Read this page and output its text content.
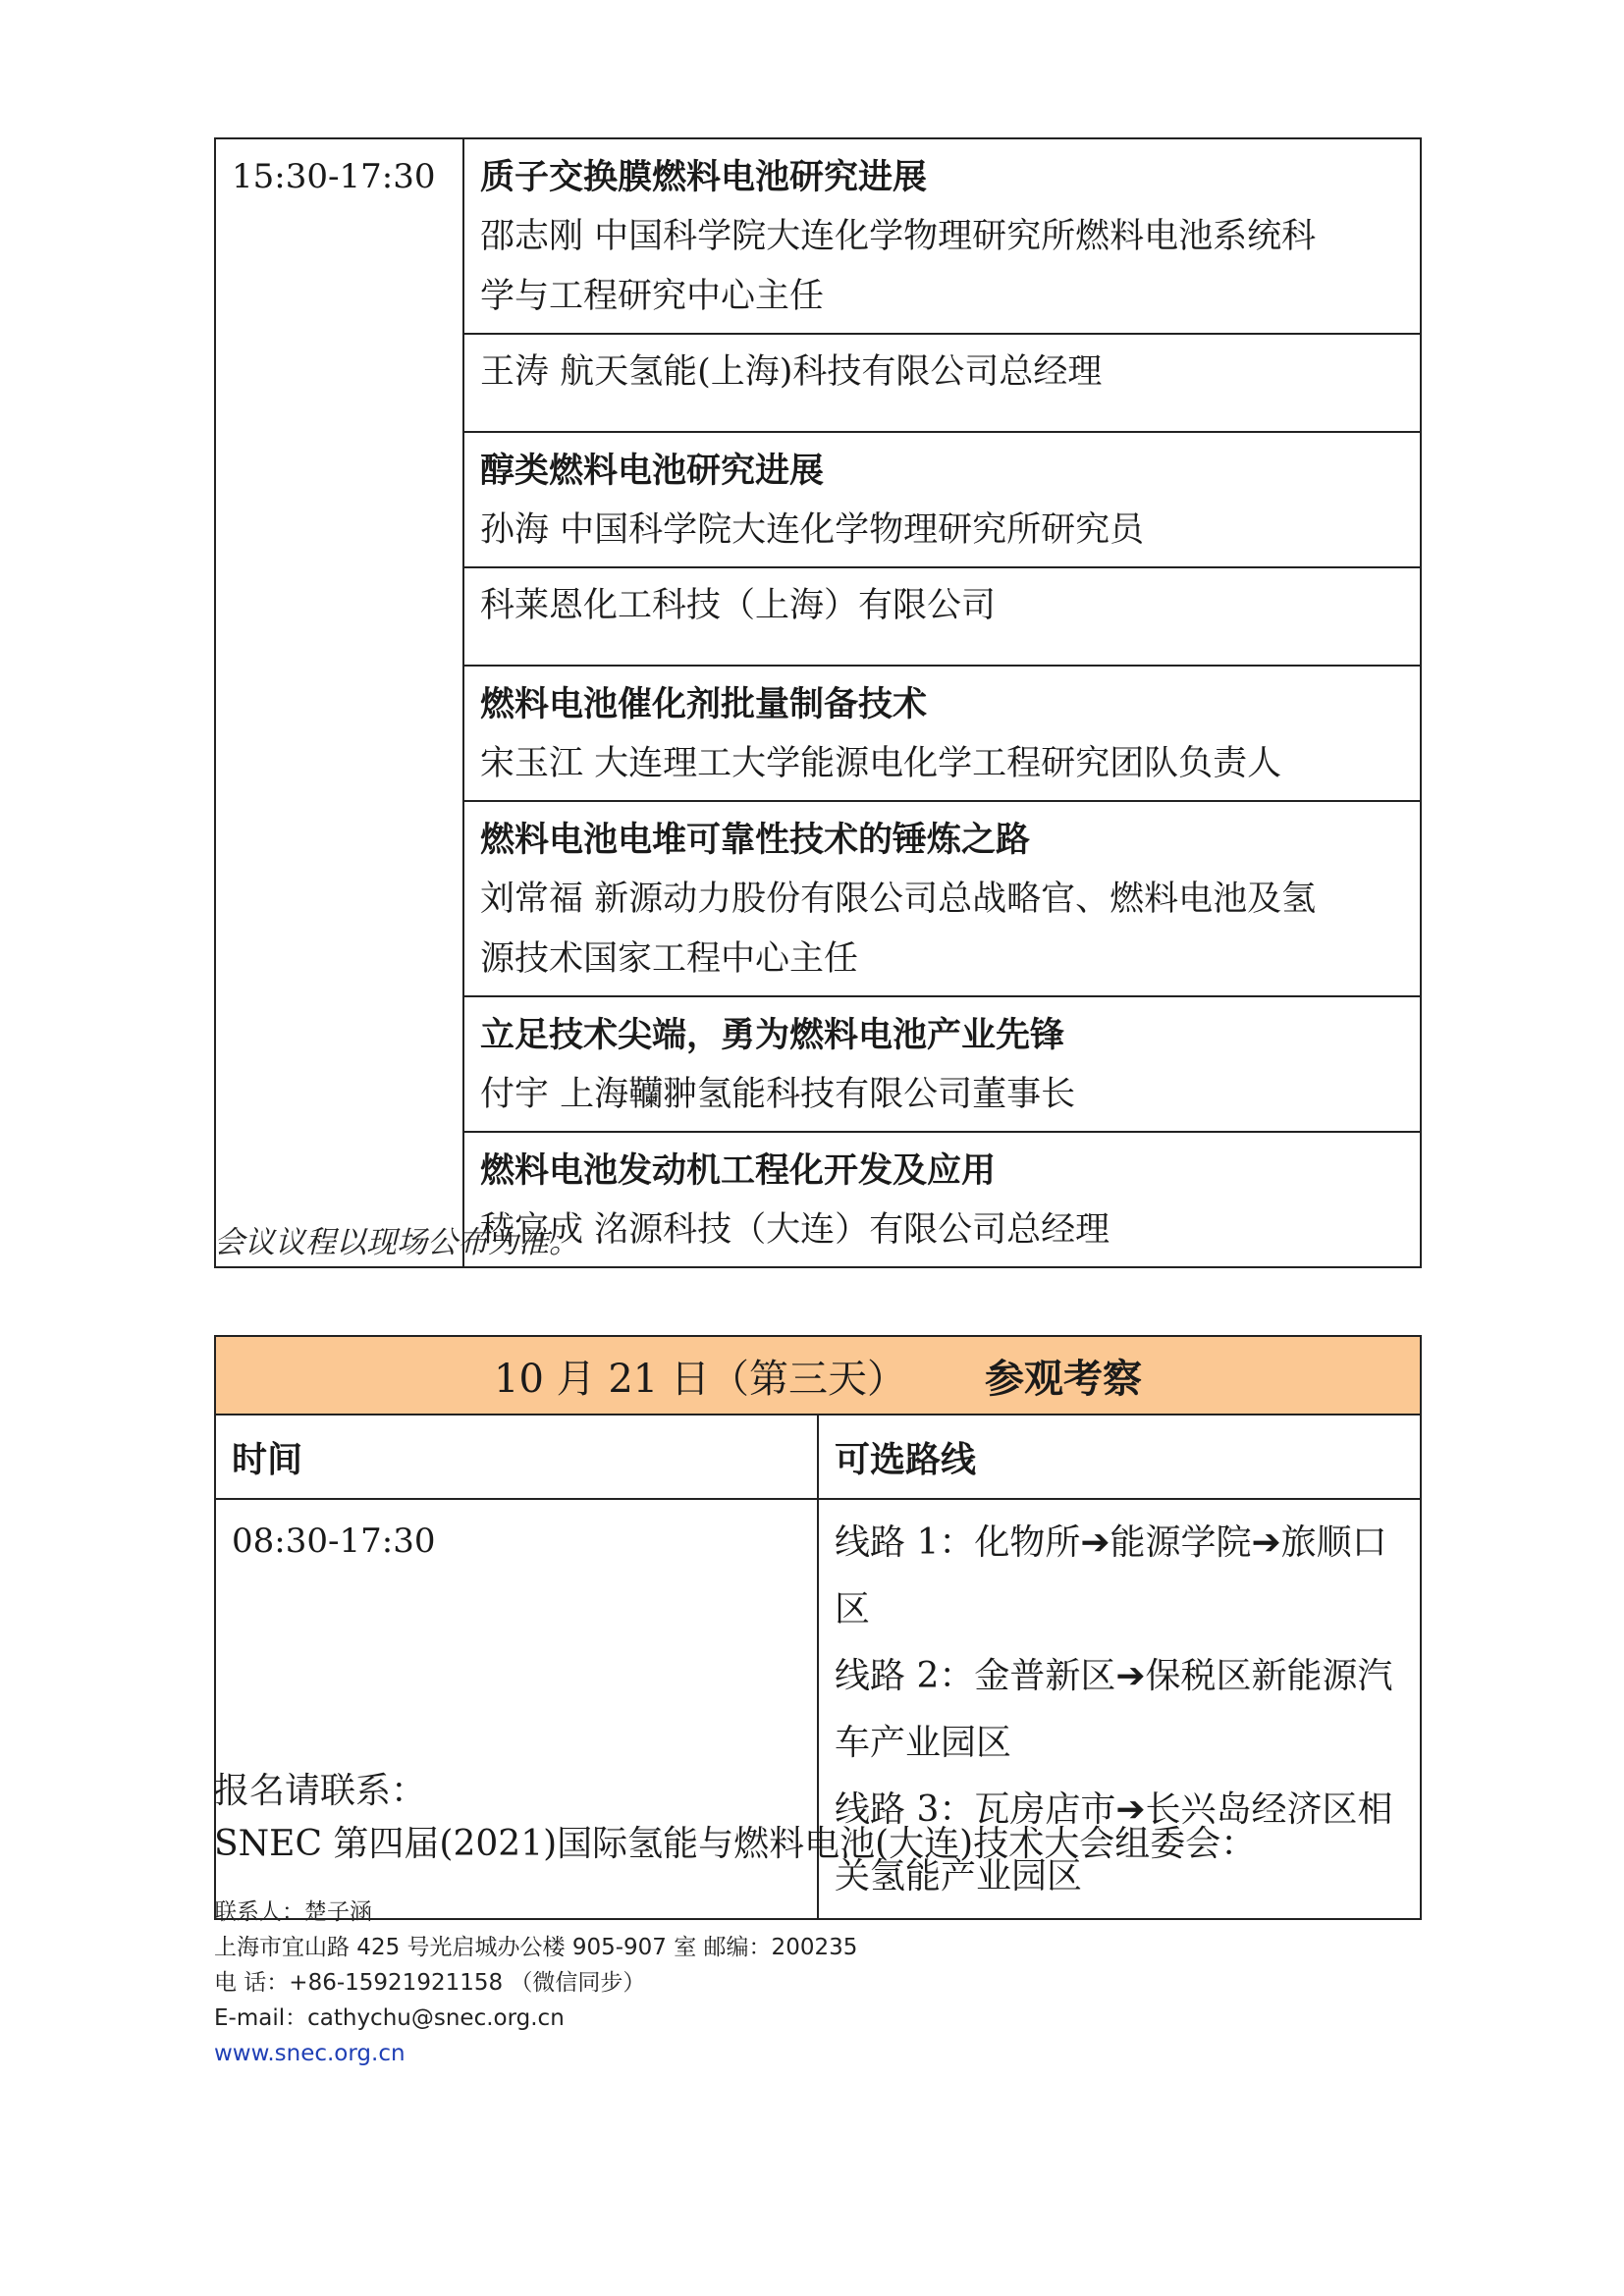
15:30-17:30	质子交换膜燃料电池研究进展
邵志刚 中国科学院大连化学物理研究所燃料电池系统科
学与工程研究中心主任

王涛 航天氢能(上海)科技有限公司总经理

醇类燃料电池研究进展
孙海 中国科学院大连化学物理研究所研究员

科莱恩化工科技（上海）有限公司

燃料电池催化剂批量制备技术
宋玉江 大连理工大学能源电化学工程研究团队负责人

燃料电池电堆可靠性技术的锤炼之路
刘常福 新源动力股份有限公司总战略官、燃料电池及氢
源技术国家工程中心主任

立足技术尖端，勇为燃料电池产业先锋
付宇 上海韊翀氢能科技有限公司董事长

燃料电池发动机工程化开发及应用
嵇官成 洺源科技（大连）有限公司总经理
会议议程以现场公布为准。
10 月 21 日（第三天） 参观考察	
时间	可选路线
08:30-17:30	线路 1：化物所➔能源学院➔旅顺口区
线路 2：金普新区➔保税区新能源汽车产业园区
线路 3：瓦房店市➔长兴岛经济区相关氢能产业园区
报名请联系：
SNEC 第四届(2021)国际氢能与燃料电池(大连)技术大会组委会：
联系人：楚子涵
上海市宜山路 425 号光启城办公楼 905-907 室 邮编：200235
电 话：+86-15921921158 （微信同步）
E-mail：cathychu@snec.org.cn
www.snec.org.cn
